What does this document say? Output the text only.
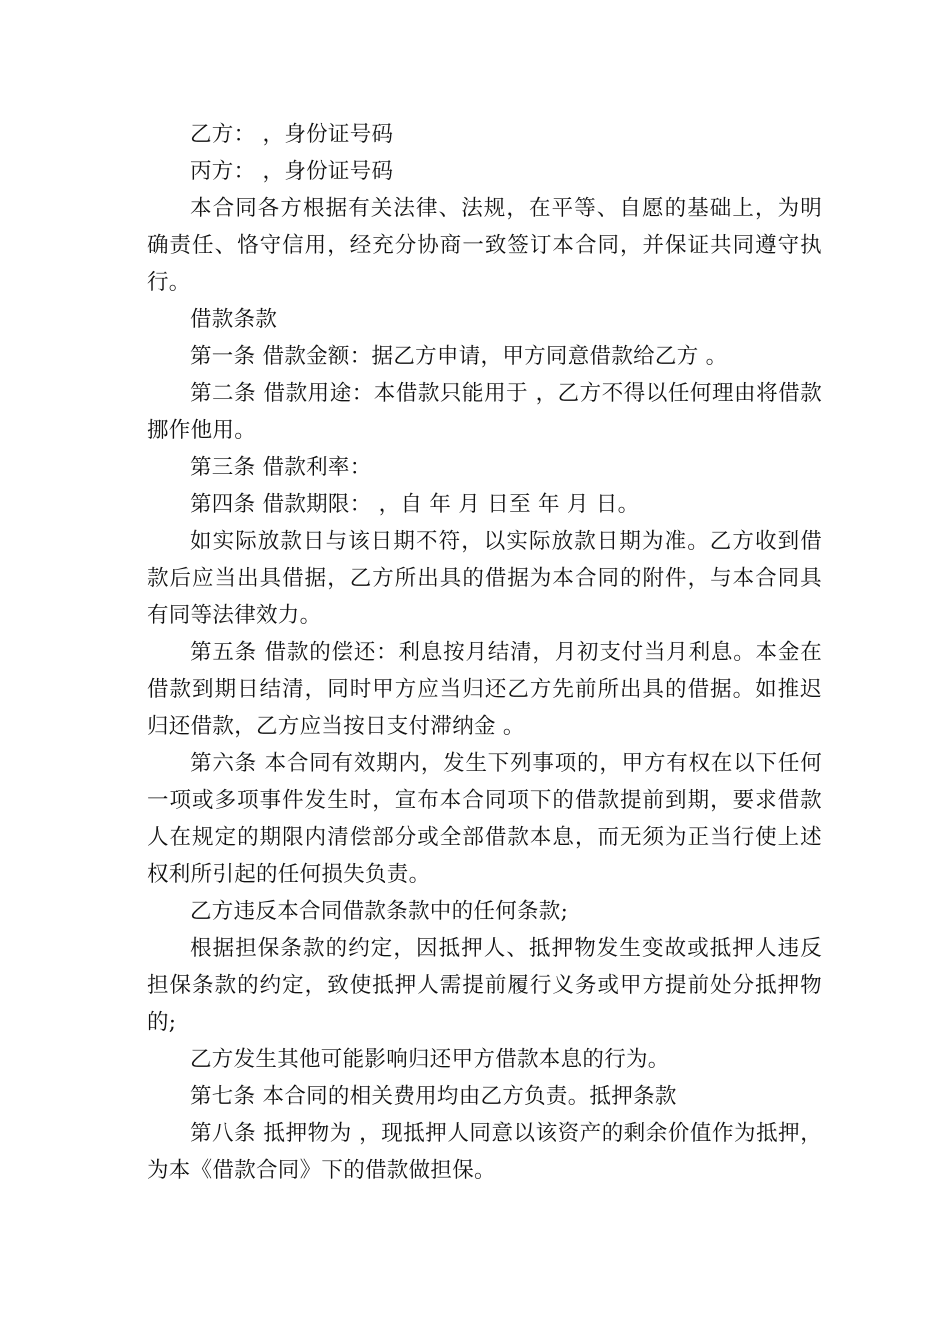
乙方： ，身份证号码

丙方： ，身份证号码

本合同各方根据有关法律、法规，在平等、自愿的基础上，为明确责任、恪守信用，经充分协商一致签订本合同，并保证共同遵守执行。

借款条款

第一条 借款金额：据乙方申请，甲方同意借款给乙方 。

第二条 借款用途：本借款只能用于 ，乙方不得以任何理由将借款挪作他用。

第三条 借款利率：

第四条 借款期限： ，自 年 月 日至 年 月 日。

如实际放款日与该日期不符，以实际放款日期为准。乙方收到借款后应当出具借据，乙方所出具的借据为本合同的附件，与本合同具有同等法律效力。

第五条 借款的偿还：利息按月结清，月初支付当月利息。本金在借款到期日结清，同时甲方应当归还乙方先前所出具的借据。如推迟归还借款，乙方应当按日支付滞纳金 。

第六条 本合同有效期内，发生下列事项的，甲方有权在以下任何一项或多项事件发生时，宣布本合同项下的借款提前到期，要求借款人在规定的期限内清偿部分或全部借款本息，而无须为正当行使上述权利所引起的任何损失负责。

乙方违反本合同借款条款中的任何条款;

根据担保条款的约定，因抵押人、抵押物发生变故或抵押人违反担保条款的约定，致使抵押人需提前履行义务或甲方提前处分抵押物的;

乙方发生其他可能影响归还甲方借款本息的行为。

第七条 本合同的相关费用均由乙方负责。抵押条款

第八条 抵押物为 ，现抵押人同意以该资产的剩余价值作为抵押，为本《借款合同》下的借款做担保。
